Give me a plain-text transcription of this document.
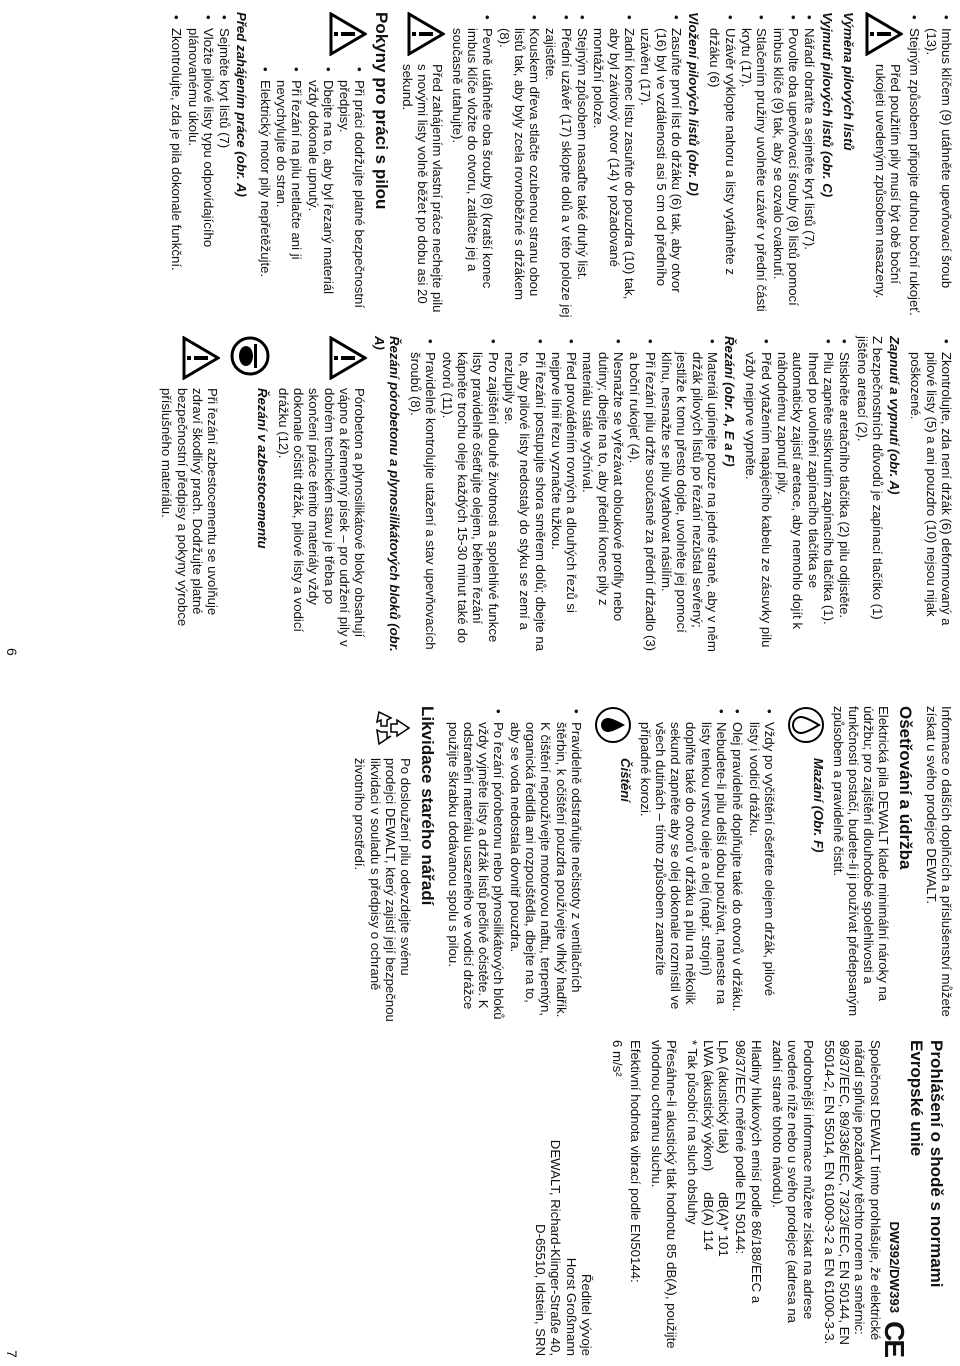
• Imbus klíčem (9) utáhněte upevňovací šroub (13).
• Stejným způsobem připojte druhou boční rukojeť.
Před použitím pily musí být obě boční rukojeti uvedeným způsobem nasazeny.

Výměna pilových listů

Vyjmutí pilových listů (obr. C)

• Nářadí obraťte a sejměte kryt listů (7).
• Povolte oba upevňovací šrouby (8) listů pomocí imbus klíče (9) tak, aby se ozvalo cvaknutí.
• Stlačením pružiny uvolněte uzávěr v přední části krytu (17).
• Uzávěr vyklopte nahoru a listy vytáhněte z držáku (6)

Vložení pilových listů (obr. D)

• Zasuňte první list do držáku (6) tak, aby otvor (16) byl ve vzdálenosti asi 5 cm od předního uzávěru (17).
• Zadní konec listu zasuňte do pouzdra (10) tak, aby byl závitový otvor (14) v požadované montážní poloze.
• Stejným způsobem nasaďte také druhý list.
• Přední uzávěr (17) sklopte dolů a v této poloze jej zajistěte.
• Kouskem dřeva stlačte ozubenou stranu obou listů tak, aby byly zcela rovnoběžné s držákem (8).
• Pevně utáhněte oba šrouby (8) (kratší konec imbus klíče vložte do otvoru, zatlačte jej a současně utahujte).
Před zahájením vlastní práce nechejte pilu s novými listy volně běžet po dobu asi 20 sekund.

Pokyny pro práci s pilou

• Při práci dodržujte platné bezpečnostní předpisy.
• Dbejte na to, aby byl řezaný materiál vždy dokonale upnutý.
• Při řezání na pilu netlačte ani ji nevychylujte do stran.
• Elektrický motor pily nepřetěžujte.

Před zahájením práce (obr. A)

• Sejměte kryt listů (7)
• Vložte pilové listy typu odpovídajícího plánovanému úkolu.
• Zkontrolujte, zda je pila dokonale funkční.
• Zkontrolujte, zda není držák (6) deformovaný a pilové listy (5) a ani pouzdro (10) nejsou nijak poškozené.

Zapnutí a vypnutí (obr. A)

Z bezpečnostních důvodů je zapínací tlačítko (1) jištěno aretací (2).

• Stiskněte aretačního tlačítka (2) pilu odjistěte.
• Pilu zapněte stisknutím zapínacího tlačítka (1). Ihned po uvolnění zapínacího tlačítka se automaticky zajistí aretace, aby nemohlo dojít k náhodnému zapnutí pily.
• Před vytažením napájecího kabelu ze zásuvky pilu vždy nejprve vypněte.

Řezání (obr. A, E a F)

• Materiál upínejte pouze na jedné straně, aby v něm držák pilových listů po řezání nezůstal sevřený; jestliže k tomu přesto dojde, uvolněte jej pomocí klínu, nesnažte se pilu vytahovat násilím.
• Při řezání pilu držte současně za přední držadlo (3) a boční rukojeť (4).
• Nesnažte se vyřezávat obloukové profily nebo dutiny; dbejte na to, aby přední konec pily z materiálu stále vyčníval.
• Před prováděním rovných a dlouhých řezů si nejprve línii řezu vyznačte tužkou.
• Při řezání postupujte shora směrem dolů; dbejte na to, aby pilové listy nedostaly do styku se zemí a nezlupily se.
• Pro zajištění dlouhé životnosti a spolehlivé funkce listy pravidelně ošetřujte olejem, během řezání kápněte trochu oleje každých 15-30 minut také do otvorů (11).
• Pravidelně kontrolujte utažení a stav upevňovacích šroubů (8).

Řezání pórobetonu a plynosilikátových bloků (obr. A)

Pórobeton a plynosilikátové bloky obsahují vápno a křemenný písek – pro udržení pily v dobrém technickém stavu je třeba po skončení práce těmito materiály vždy dokonale očistit držák, pilové listy a vodicí drážku (12).

Řezání v azbestocementu

Při řezání azbestocementu se uvolňuje zdraví škodlivý prach. Dodržujte platné bezpečnostní předpisy a pokyny výrobce příslušného materiálu.
6

Informace o dalších doplňcích a příslušenství můžete získat u svého prodejce DEWALT.

Ošetřování a údržba

Elektrická pila DEWALT klade minimální nároky na údržbu; pro zajištění dlouhodobé spolehlivosti a funkčnosti postačí, budete-li ji používat předepsaným způsobem a pravidelně čistit.

Mazání (Obr. F)

• Vždy po vyčištění ošetřete olejem držák, pilové listy i vodicí drážku.
• Olej pravidelně doplňujte také do otvorů v držáku.
• Nebudete-li pilu delší dobu používat, naneste na listy tenkou vrstvu oleje a olej (např. strojní) doplňte také do otvorů v držáku a pilu na několik sekund zapněte aby se olej dokonale rozmístil ve všech dutinách – tímto způsobem zamezíte případné korozi.

Čištění

• Pravidelně odstraňujte nečistoty z ventilačních štěrbin, k očištění pouzdra používejte vlhký hadřík. K čištění nepoužívejte motorovou naftu, terpentýn, organická ředidla ani rozpouštědla, dbejte na to, aby se voda nedostala dovnitř pouzdra.
• Po řezání pórobetonu nebo plynosilikátových bloků vždy vyjměte listy a držák listů pečlivě očistěte. K odstranění materiálu usazeného ve vodicí drážce použijte škrabku dodávanou spolu s pilou.

Likvidace starého nářadí

Po dosloužení pilu odevzdejte svému prodejci DEWALT, který zajistí její bezpečnou likvidaci v souladu s předpisy o ochraně životního prostředí.

Prohlášení o shodě s normami Evropské unie

DW392/DW393
CE

Společnost DEWALT tímto prohlašuje, že elektrické nářadí splňuje požadavky těchto norem a směrnic: 98/37/EEC, 89/336/EEC, 73/23/EEC, EN 50144, EN 55014-2, EN 55014, EN 61000-3-2 a EN 61000-3-3.

Podrobnější informace můžete získat na adrese uvedené níže nebo u svého prodejce (adresa na zadní straně tohoto návodu).

Hladiny hlukových emisí podle 86/188/EEC a 98/37/EEC měřené podle EN 50144:

LpA (akustický tlak)
dB(A)* 101
LWA (akustický výkon)
dB(A) 114

* Tak působící na sluch obsluhy

Přesáhne-li akustický tlak hodnotu 85 dB(A), použijte vhodnou ochranu sluchu.

Efektivní hodnota vibrací podle EN50144:

6 m/s²

Ředitel vývoje
Horst Großmann
DEWALT, Richard-Klinger-Straße 40,
D-65510, Idstein, SRN
7
